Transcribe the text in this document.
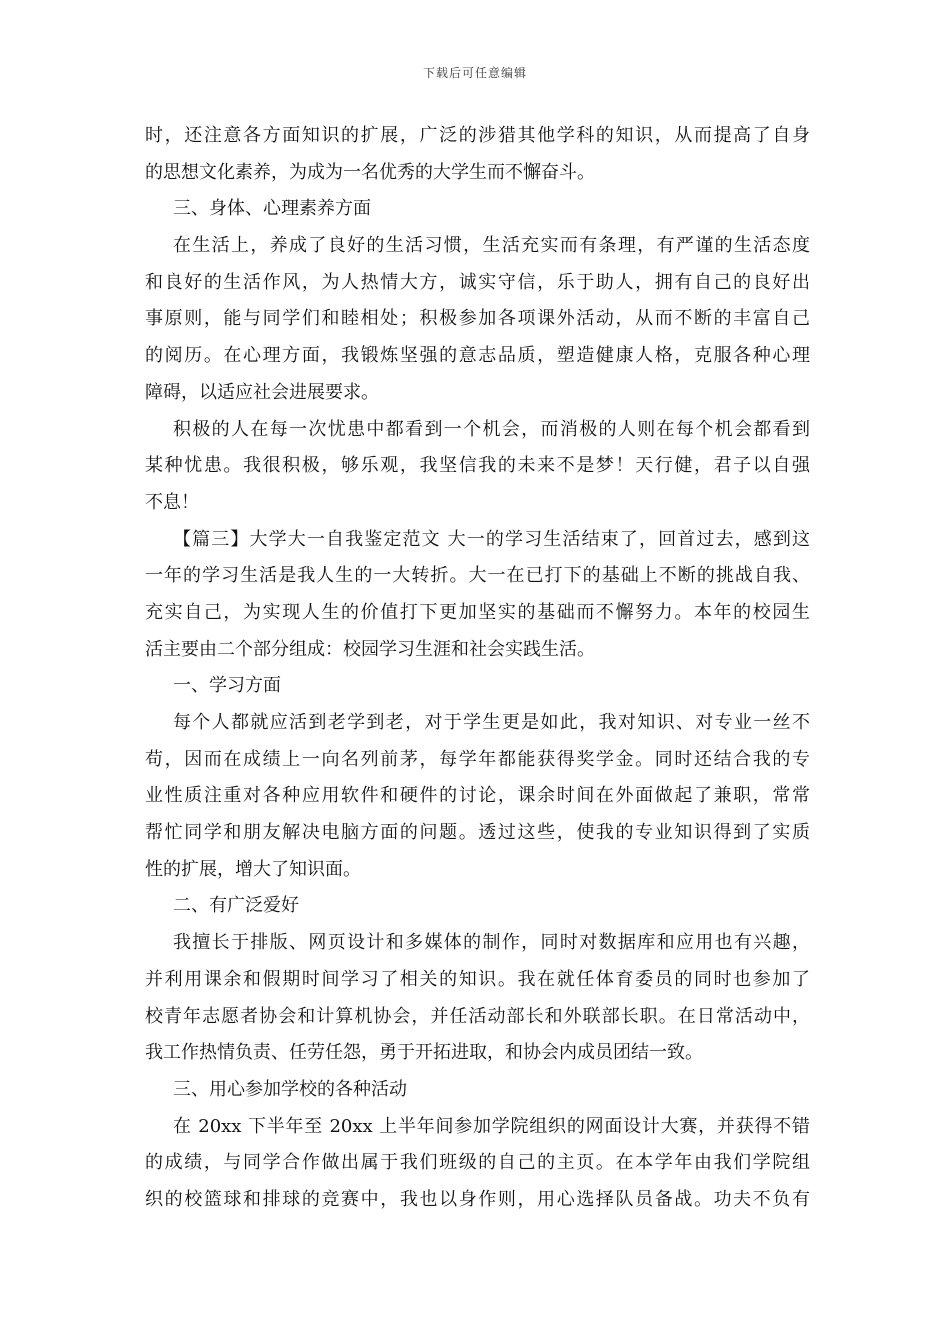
下载后可任意编辑
时，还注意各方面知识的扩展，广泛的涉猎其他学科的知识，从而提高了自身
的思想文化素养，为成为一名优秀的大学生而不懈奋斗。
三、身体、心理素养方面
在生活上，养成了良好的生活习惯，生活充实而有条理，有严谨的生活态度
和良好的生活作风，为人热情大方，诚实守信，乐于助人，拥有自己的良好出
事原则，能与同学们和睦相处；积极参加各项课外活动，从而不断的丰富自己
的阅历。在心理方面，我锻炼坚强的意志品质，塑造健康人格，克服各种心理
障碍，以适应社会进展要求。
积极的人在每一次忧患中都看到一个机会，而消极的人则在每个机会都看到
某种忧患。我很积极，够乐观，我坚信我的未来不是梦！天行健，君子以自强
不息！
【篇三】大学大一自我鉴定范文 大一的学习生活结束了，回首过去，感到这
一年的学习生活是我人生的一大转折。大一在已打下的基础上不断的挑战自我、
充实自己，为实现人生的价值打下更加坚实的基础而不懈努力。本年的校园生
活主要由二个部分组成：校园学习生涯和社会实践生活。
一、学习方面
每个人都就应活到老学到老，对于学生更是如此，我对知识、对专业一丝不
苟，因而在成绩上一向名列前茅，每学年都能获得奖学金。同时还结合我的专
业性质注重对各种应用软件和硬件的讨论，课余时间在外面做起了兼职，常常
帮忙同学和朋友解决电脑方面的问题。透过这些，使我的专业知识得到了实质
性的扩展，增大了知识面。
二、有广泛爱好
我擅长于排版、网页设计和多媒体的制作，同时对数据库和应用也有兴趣，
并利用课余和假期时间学习了相关的知识。我在就任体育委员的同时也参加了
校青年志愿者协会和计算机协会，并任活动部长和外联部长职。在日常活动中，
我工作热情负责、任劳任怨，勇于开拓进取，和协会内成员团结一致。
三、用心参加学校的各种活动
在 20xx 下半年至 20xx 上半年间参加学院组织的网面设计大赛，并获得不错
的成绩，与同学合作做出属于我们班级的自己的主页。在本学年由我们学院组
织的校篮球和排球的竞赛中，我也以身作则，用心选择队员备战。功夫不负有
